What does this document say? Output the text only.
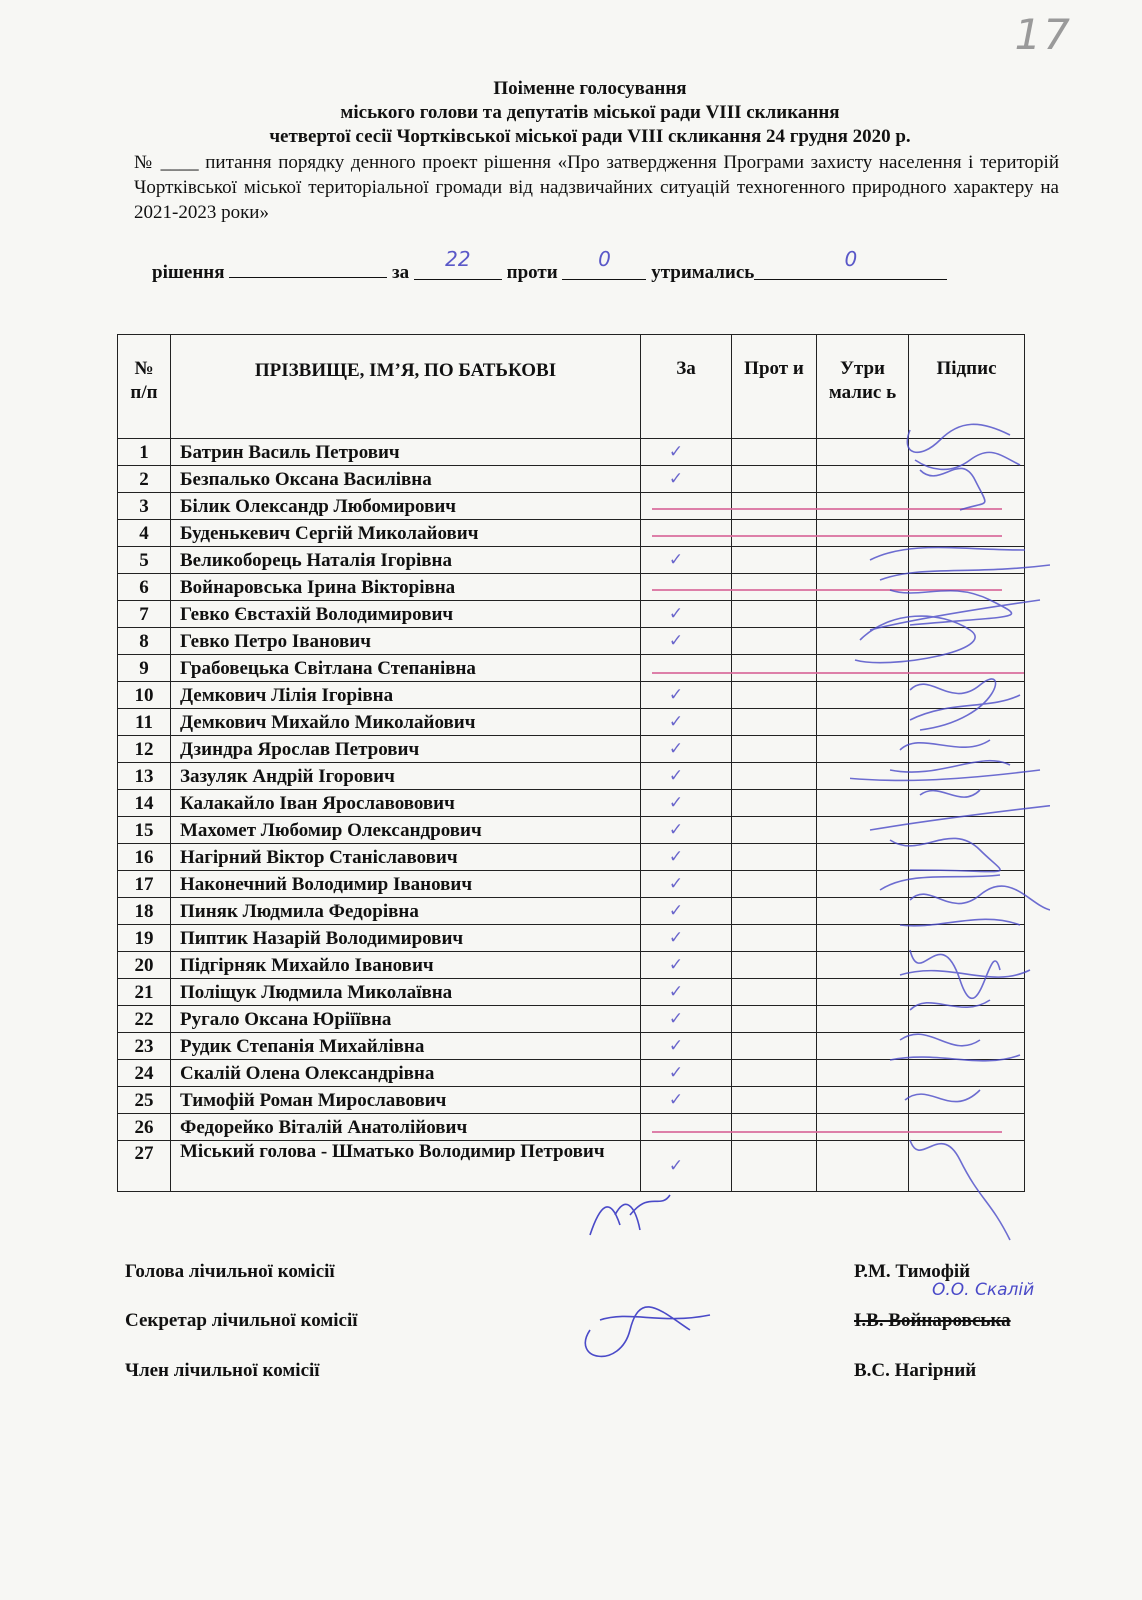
17
Поіменне голосування
міського голови та депутатів міської ради VIII скликання
четвертої сесії Чортківської міської ради VIII скликання 24 грудня 2020 р.
№ ____ питання порядку денного проект рішення «Про затвердження Програми захисту населення і територій Чортківської міської територіальної громади від надзвичайних ситуацій техногенного природного характеру на 2021-2023 роки»
рішення	за 22 проти 0 утримались0
№ п/п	ПРІЗВИЩЕ, ІМ’Я, ПО БАТЬКОВІ	За	Прот и	Утри малис ь	Підпис
1	Батрин Василь Петрович	✓			
2	Безпалько Оксана Василівна	✓			
3	Білик Олександр Любомирович				
4	Буденькевич Сергій Миколайович				
5	Великоборець Наталія Ігорівна	✓			
6	Войнаровська Ірина Вікторівна				
7	Гевко Євстахій Володимирович	✓			
8	Гевко Петро Іванович	✓			
9	Грабовецька Світлана Степанівна				
10	Демкович Лілія Ігорівна	✓			
11	Демкович Михайло Миколайович	✓			
12	Дзиндра Ярослав Петрович	✓			
13	Зазуляк Андрій Ігорович	✓			
14	Калакайло Іван Ярославовович	✓			
15	Махомет Любомир Олександрович	✓			
16	Нагірний Віктор Станіславович	✓			
17	Наконечний Володимир Іванович	✓			
18	Пиняк Людмила Федорівна	✓			
19	Пиптик Назарій Володимирович	✓			
20	Підгірняк Михайло Іванович	✓			
21	Поліщук Людмила Миколаївна	✓			
22	Ругало Оксана Юріїївна	✓			
23	Рудик Степанія Михайлівна	✓			
24	Скалій Олена Олександрівна	✓			
25	Тимофій Роман Мирославович	✓			
26	Федорейко Віталій Анатолійович				
27	Міський голова - Шматько Володимир Петрович	✓			
Голова лічильної комісії	Р.М. Тимофій
О.О. Скалій
Секретар лічильної комісії	І.В. Войнаровська
Член лічильної комісії	В.С. Нагірний
